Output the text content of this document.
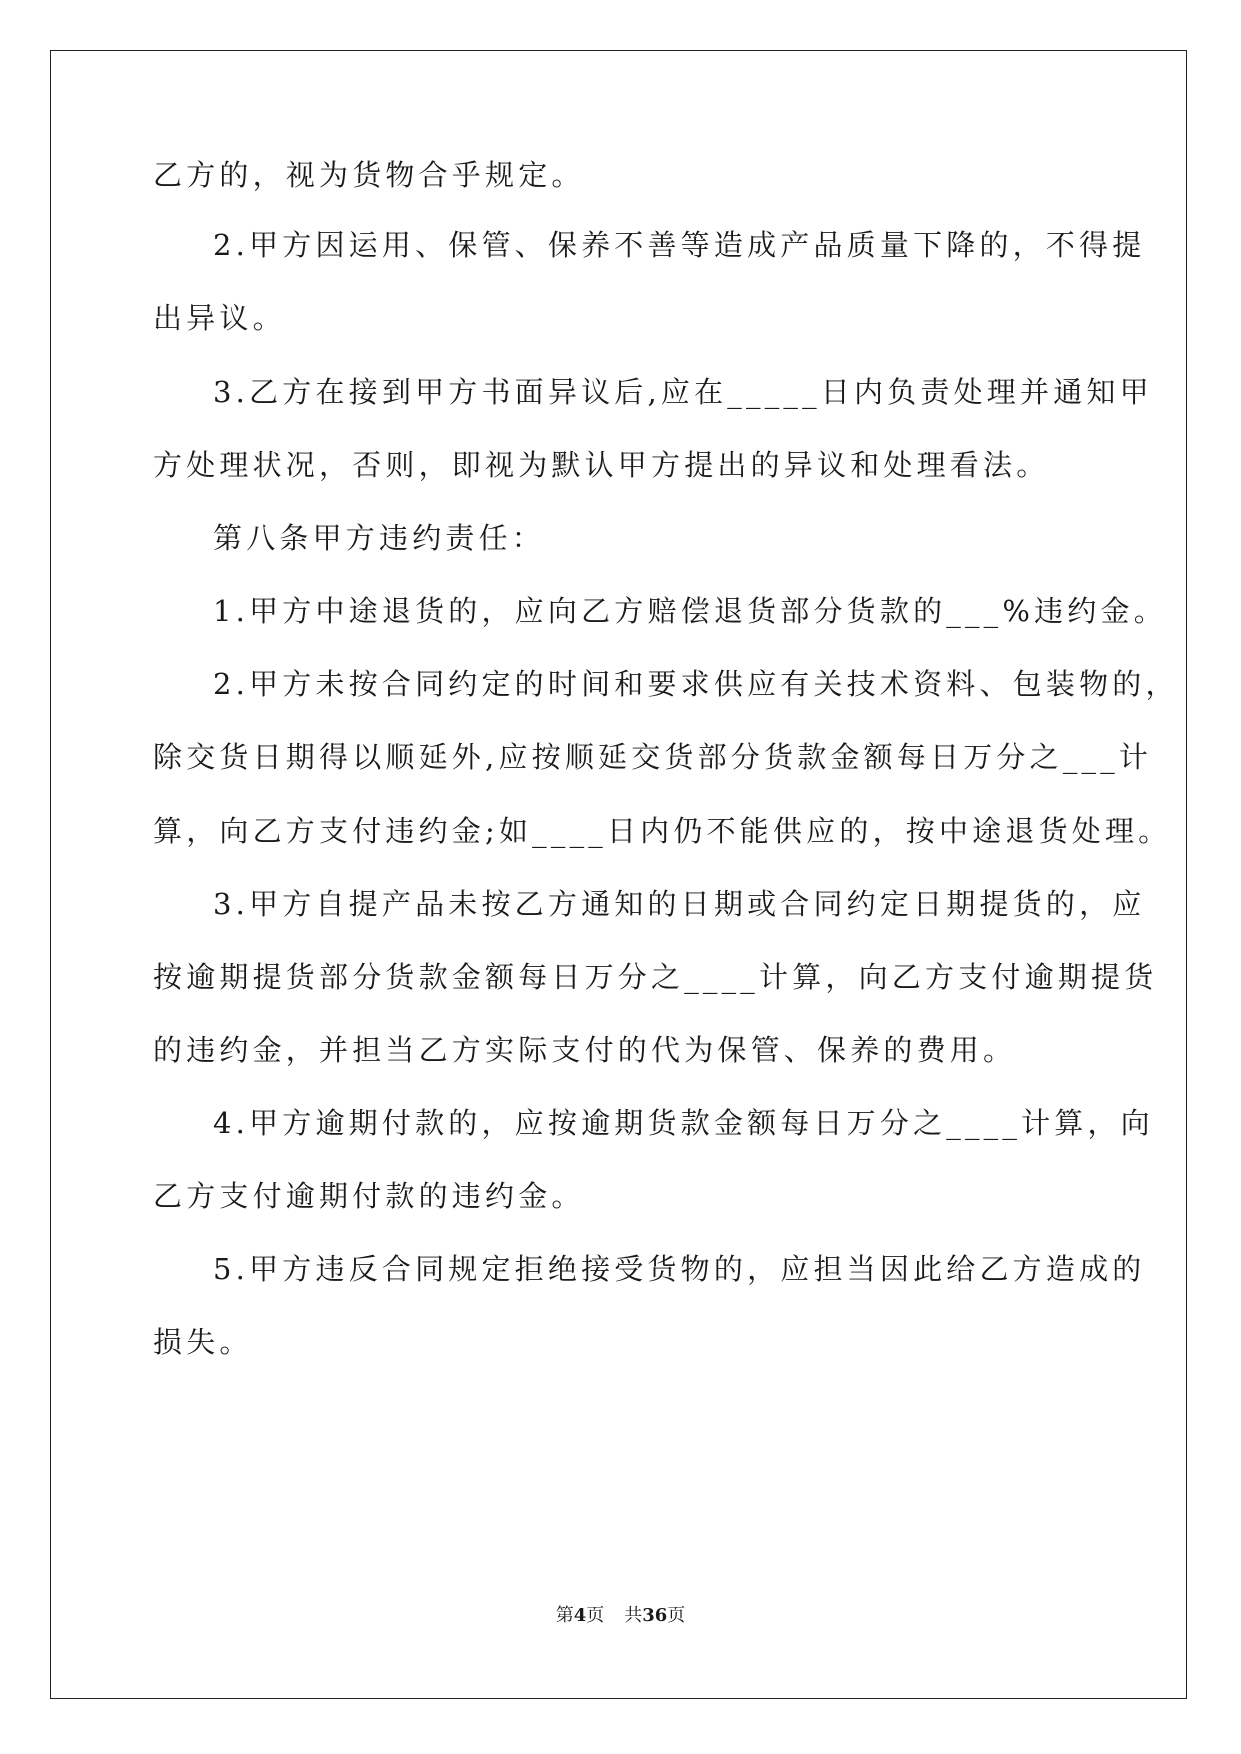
乙方的，视为货物合乎规定。
2.甲方因运用、保管、保养不善等造成产品质量下降的，不得提
出异议。
3.乙方在接到甲方书面异议后,应在_____日内负责处理并通知甲
方处理状况，否则，即视为默认甲方提出的异议和处理看法。
第八条甲方违约责任：
1.甲方中途退货的，应向乙方赔偿退货部分货款的___%违约金。
2.甲方未按合同约定的时间和要求供应有关技术资料、包装物的，
除交货日期得以顺延外,应按顺延交货部分货款金额每日万分之___计
算，向乙方支付违约金;如____日内仍不能供应的，按中途退货处理。
3.甲方自提产品未按乙方通知的日期或合同约定日期提货的，应
按逾期提货部分货款金额每日万分之____计算，向乙方支付逾期提货
的违约金，并担当乙方实际支付的代为保管、保养的费用。
4.甲方逾期付款的，应按逾期货款金额每日万分之____计算，向
乙方支付逾期付款的违约金。
5.甲方违反合同规定拒绝接受货物的，应担当因此给乙方造成的
损失。
第4页 共36页
